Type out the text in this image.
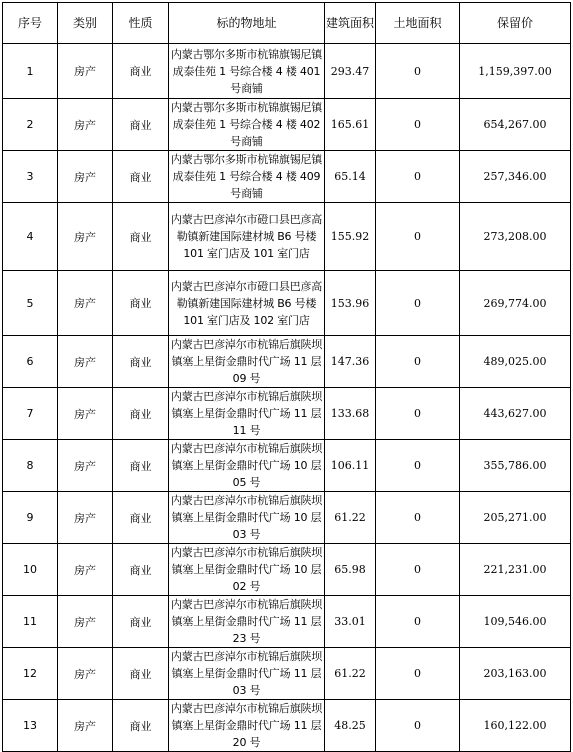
序号	类别	性质	标的物地址	建筑面积	土地面积	保留价
1	房产	商业	内蒙古鄂尔多斯市杭锦旗锡尼镇成泰佳苑 1 号综合楼 4 楼 401 号商铺	293.47	0	1,159,397.00
2	房产	商业	内蒙古鄂尔多斯市杭锦旗锡尼镇成泰佳苑 1 号综合楼 4 楼 402 号商铺	165.61	0	654,267.00
3	房产	商业	内蒙古鄂尔多斯市杭锦旗锡尼镇成泰佳苑 1 号综合楼 4 楼 409 号商铺	65.14	0	257,346.00
4	房产	商业	内蒙古巴彦淖尔市磴口县巴彦高勒镇新建国际建材城 B6 号楼 101 室门店及 101 室门店	155.92	0	273,208.00
5	房产	商业	内蒙古巴彦淖尔市磴口县巴彦高勒镇新建国际建材城 B6 号楼 101 室门店及 102 室门店	153.96	0	269,774.00
6	房产	商业	内蒙古巴彦淖尔市杭锦后旗陕坝镇塞上星街金鼎时代广场 11 层 09 号	147.36	0	489,025.00
7	房产	商业	内蒙古巴彦淖尔市杭锦后旗陕坝镇塞上星街金鼎时代广场 11 层 11 号	133.68	0	443,627.00
8	房产	商业	内蒙古巴彦淖尔市杭锦后旗陕坝镇塞上星街金鼎时代广场 10 层 05 号	106.11	0	355,786.00
9	房产	商业	内蒙古巴彦淖尔市杭锦后旗陕坝镇塞上星街金鼎时代广场 10 层 03 号	61.22	0	205,271.00
10	房产	商业	内蒙古巴彦淖尔市杭锦后旗陕坝镇塞上星街金鼎时代广场 10 层 02 号	65.98	0	221,231.00
11	房产	商业	内蒙古巴彦淖尔市杭锦后旗陕坝镇塞上星街金鼎时代广场 11 层 23 号	33.01	0	109,546.00
12	房产	商业	内蒙古巴彦淖尔市杭锦后旗陕坝镇塞上星街金鼎时代广场 11 层 03 号	61.22	0	203,163.00
13	房产	商业	内蒙古巴彦淖尔市杭锦后旗陕坝镇塞上星街金鼎时代广场 11 层 20 号	48.25	0	160,122.00
